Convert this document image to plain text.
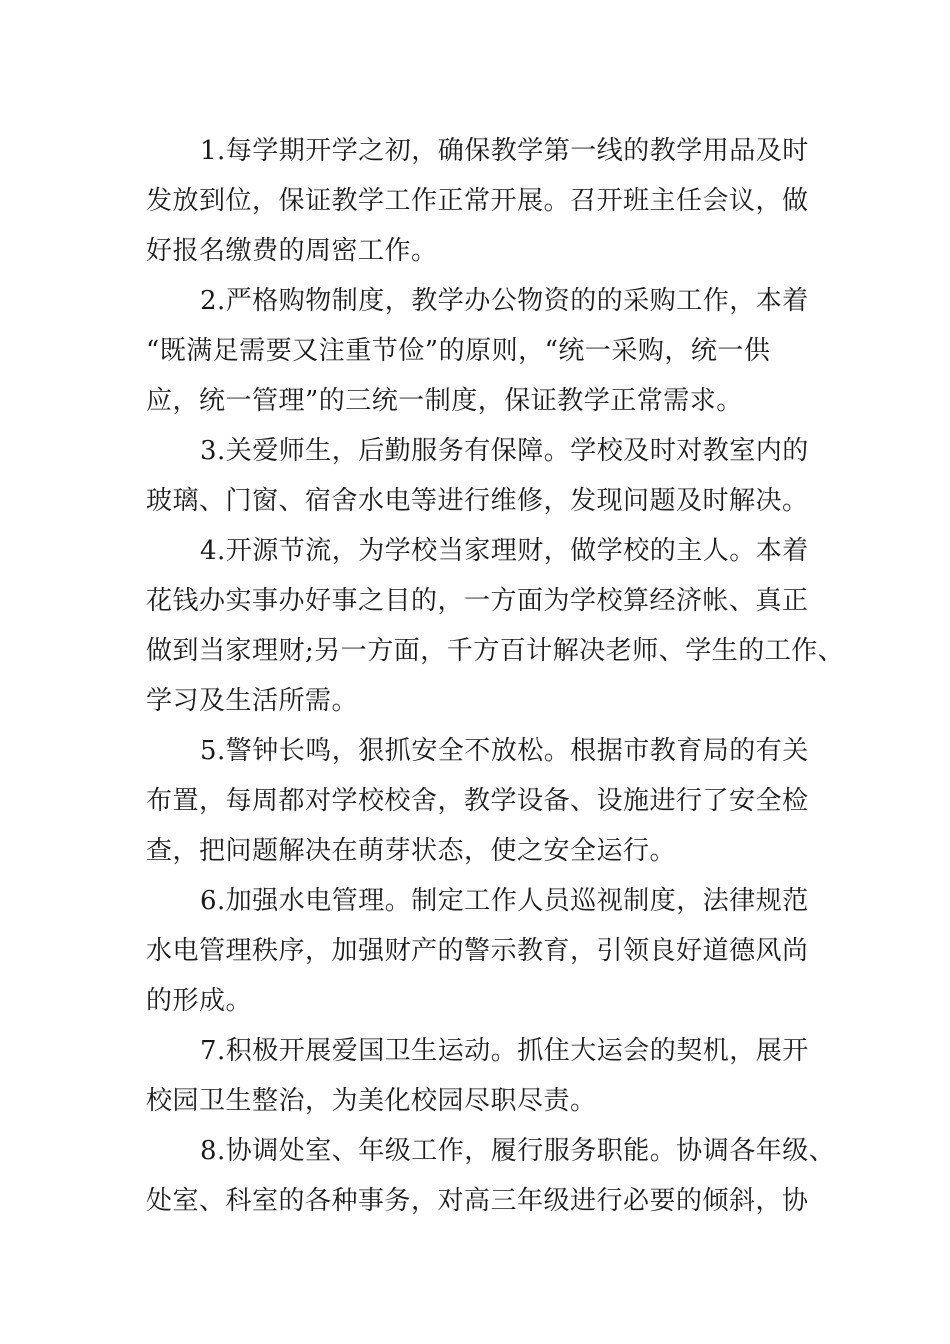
1.每学期开学之初，确保教学第一线的教学用品及时
发放到位，保证教学工作正常开展。召开班主任会议，做
好报名缴费的周密工作。
2.严格购物制度，教学办公物资的的采购工作，本着
“既满足需要又注重节俭”的原则，“统一采购，统一供
应，统一管理”的三统一制度，保证教学正常需求。
3.关爱师生，后勤服务有保障。学校及时对教室内的
玻璃、门窗、宿舍水电等进行维修，发现问题及时解决。
4.开源节流，为学校当家理财，做学校的主人。本着
花钱办实事办好事之目的，一方面为学校算经济帐、真正
做到当家理财;另一方面，千方百计解决老师、学生的工作、
学习及生活所需。
5.警钟长鸣，狠抓安全不放松。根据市教育局的有关
布置，每周都对学校校舍，教学设备、设施进行了安全检
查，把问题解决在萌芽状态，使之安全运行。
6.加强水电管理。制定工作人员巡视制度，法律规范
水电管理秩序，加强财产的警示教育，引领良好道德风尚
的形成。
7.积极开展爱国卫生运动。抓住大运会的契机，展开
校园卫生整治，为美化校园尽职尽责。
8.协调处室、年级工作，履行服务职能。协调各年级、
处室、科室的各种事务，对高三年级进行必要的倾斜，协
